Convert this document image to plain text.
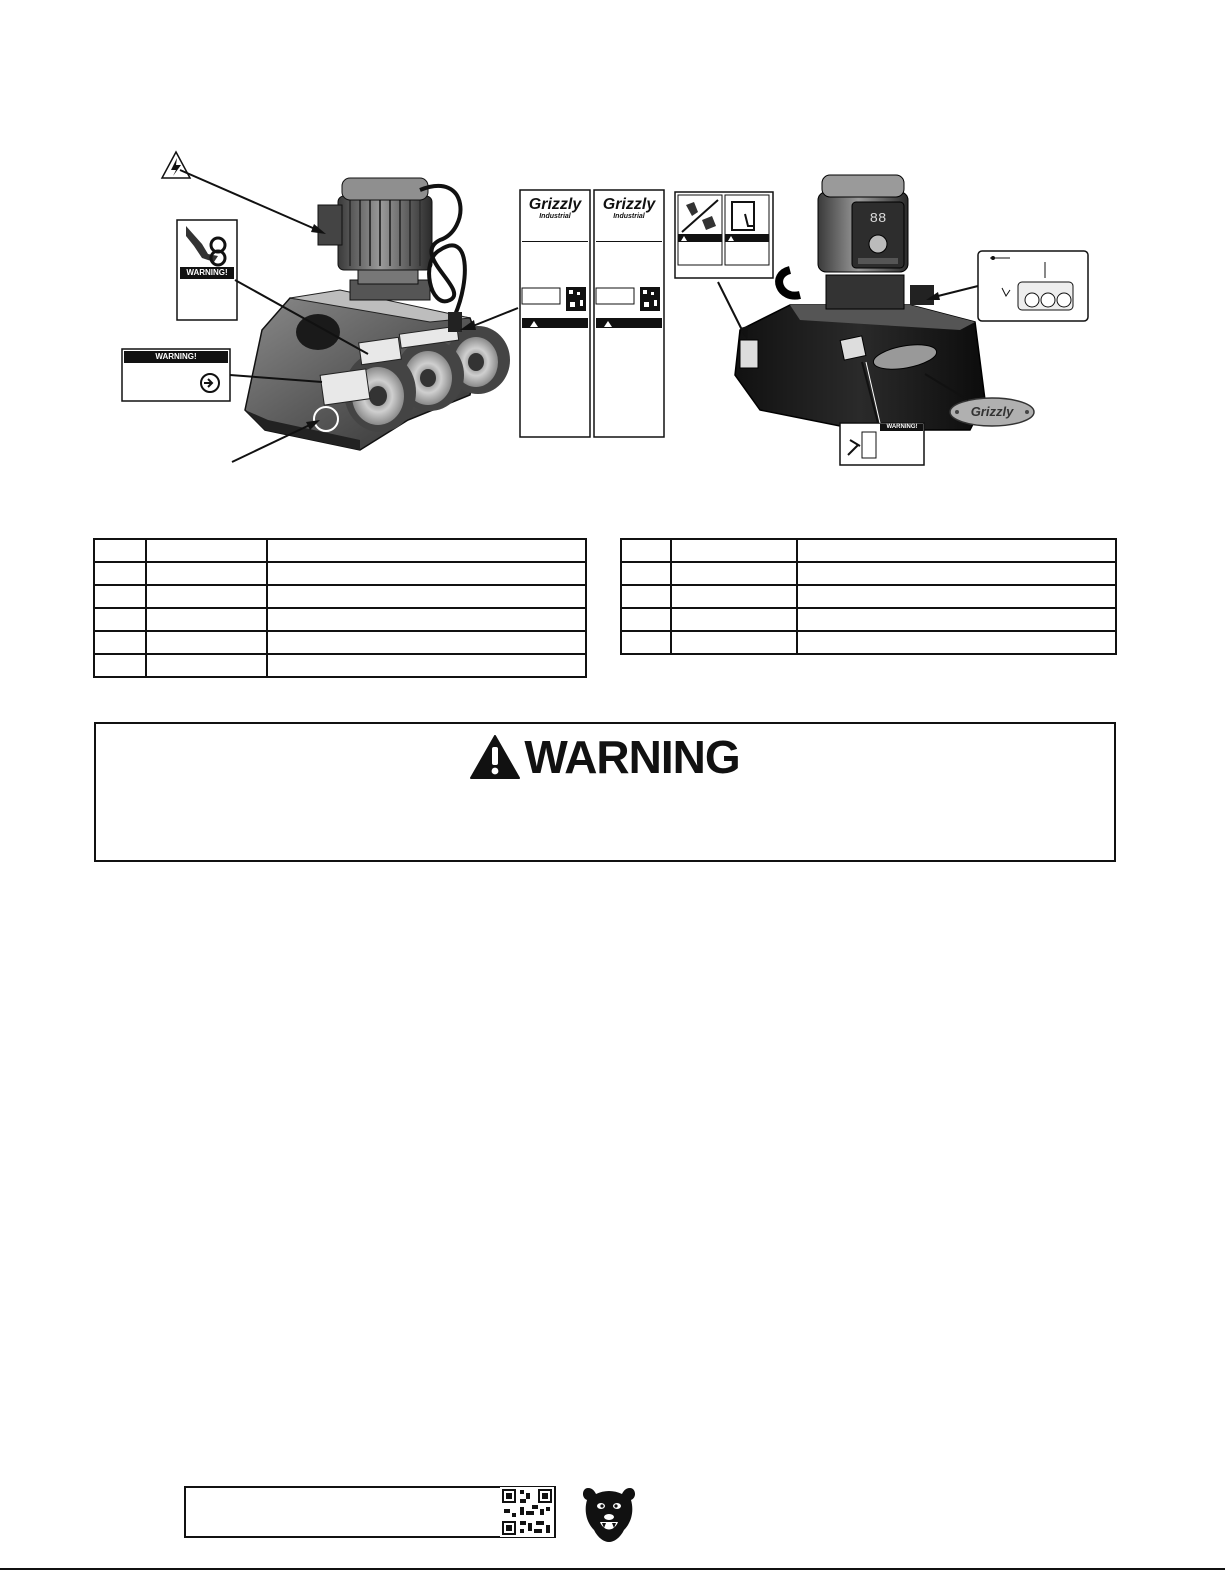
88
WARNING!
WARNING!
WARNING!
Grizzly
Industrial
Grizzly
Industrial
Grizzly

WARNING
